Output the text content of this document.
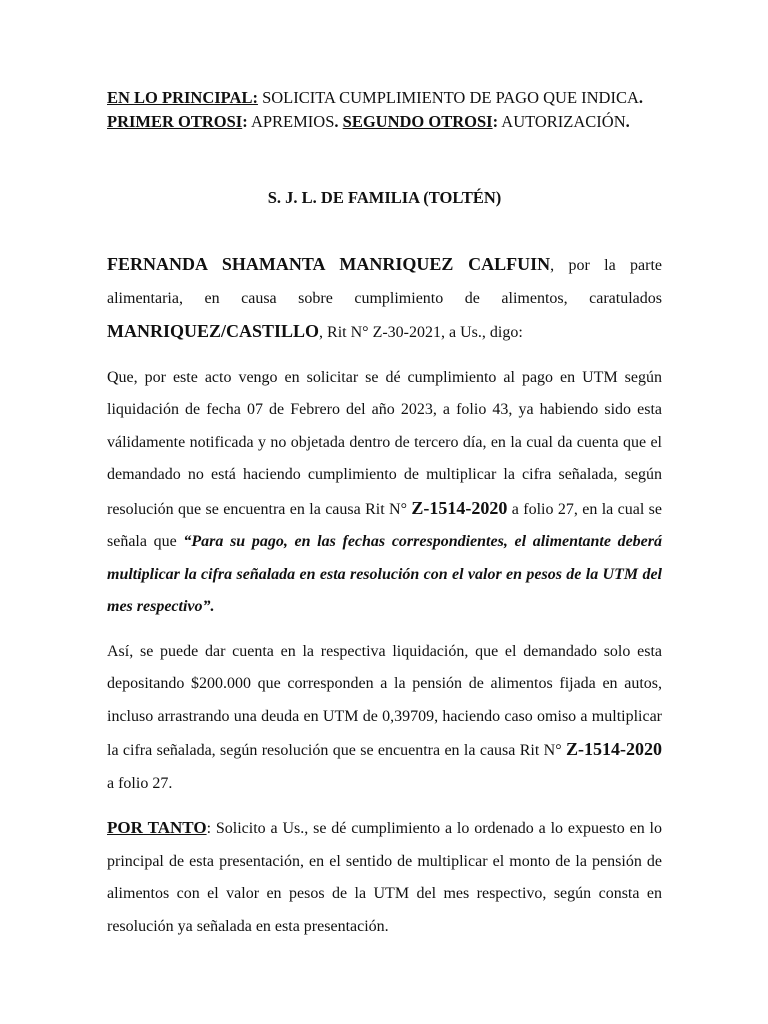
EN LO PRINCIPAL: SOLICITA CUMPLIMIENTO DE PAGO QUE INDICA.
PRIMER OTROSI: APREMIOS. SEGUNDO OTROSI: AUTORIZACIÓN.
S. J. L. DE FAMILIA (TOLTÉN)

FERNANDA SHAMANTA MANRIQUEZ CALFUIN, por la parte alimentaria, en causa sobre cumplimiento de alimentos, caratulados MANRIQUEZ/CASTILLO, Rit N° Z-30-2021, a Us., digo:

Que, por este acto vengo en solicitar se dé cumplimiento al pago en UTM según liquidación de fecha 07 de Febrero del año 2023, a folio 43, ya habiendo sido esta válidamente notificada y no objetada dentro de tercero día, en la cual da cuenta que el demandado no está haciendo cumplimiento de multiplicar la cifra señalada, según resolución que se encuentra en la causa Rit N° Z-1514-2020 a folio 27, en la cual se señala que “Para su pago, en las fechas correspondientes, el alimentante deberá multiplicar la cifra señalada en esta resolución con el valor en pesos de la UTM del mes respectivo”.

Así, se puede dar cuenta en la respectiva liquidación, que el demandado solo esta depositando $200.000 que corresponden a la pensión de alimentos fijada en autos, incluso arrastrando una deuda en UTM de 0,39709, haciendo caso omiso a multiplicar la cifra señalada, según resolución que se encuentra en la causa Rit N° Z-1514-2020 a folio 27.

POR TANTO: Solicito a Us., se dé cumplimiento a lo ordenado a lo expuesto en lo principal de esta presentación, en el sentido de multiplicar el monto de la pensión de alimentos con el valor en pesos de la UTM del mes respectivo, según consta en resolución ya señalada en esta presentación.
